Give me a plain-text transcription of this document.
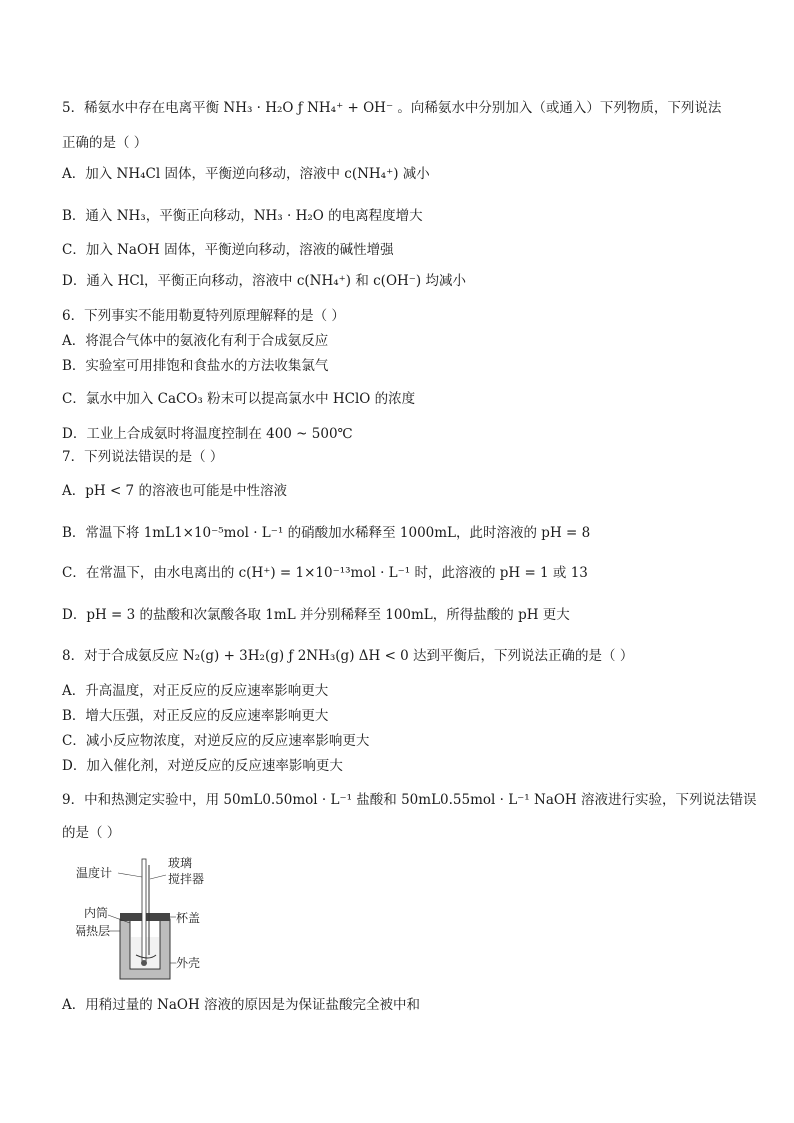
5．稀氨水中存在电离平衡 NH₃ · H₂O ƒ NH₄⁺ + OH⁻ 。向稀氨水中分别加入（或通入）下列物质，下列说法
正确的是（ ）
A．加入 NH₄Cl 固体，平衡逆向移动，溶液中 c(NH₄⁺) 减小
B．通入 NH₃，平衡正向移动，NH₃ · H₂O 的电离程度增大
C．加入 NaOH 固体，平衡逆向移动，溶液的碱性增强
D．通入 HCl，平衡正向移动，溶液中 c(NH₄⁺) 和 c(OH⁻) 均减小
6．下列事实不能用勒夏特列原理解释的是（ ）
A．将混合气体中的氨液化有利于合成氨反应
B．实验室可用排饱和食盐水的方法收集氯气
C．氯水中加入 CaCO₃ 粉末可以提高氯水中 HClO 的浓度
D．工业上合成氨时将温度控制在 400 ~ 500℃
7．下列说法错误的是（ ）
A．pH < 7 的溶液也可能是中性溶液
B．常温下将 1mL1×10⁻⁵mol · L⁻¹ 的硝酸加水稀释至 1000mL，此时溶液的 pH = 8
C．在常温下，由水电离出的 c(H⁺) = 1×10⁻¹³mol · L⁻¹ 时，此溶液的 pH = 1 或 13
D．pH = 3 的盐酸和次氯酸各取 1mL 并分别稀释至 100mL，所得盐酸的 pH 更大
8．对于合成氨反应 N₂(g) + 3H₂(g) ƒ 2NH₃(g) ΔH < 0 达到平衡后，下列说法正确的是（ ）
A．升高温度，对正反应的反应速率影响更大
B．增大压强，对正反应的反应速率影响更大
C．减小反应物浓度，对逆反应的反应速率影响更大
D．加入催化剂，对逆反应的反应速率影响更大
9．中和热测定实验中，用 50mL0.50mol · L⁻¹ 盐酸和 50mL0.55mol · L⁻¹ NaOH 溶液进行实验，下列说法错误
的是（ ）
温度计
玻璃
搅拌器
内筒
隔热层
杯盖
外壳
A．用稍过量的 NaOH 溶液的原因是为保证盐酸完全被中和
